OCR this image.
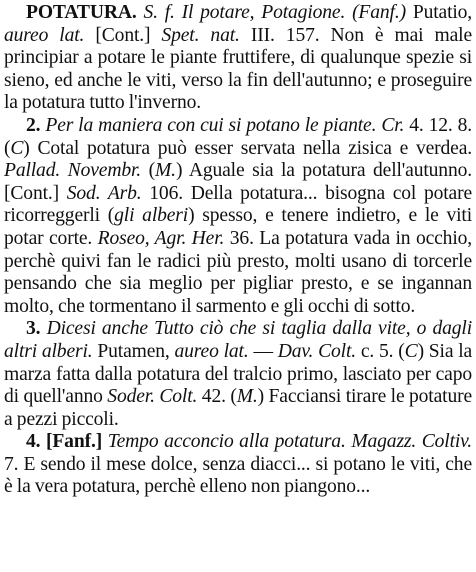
POTATURA. S. f. Il potare, Potagione. (Fanf.) Putatio, aureo lat. [Cont.] Spet. nat. III. 157. Non è mai male principiar a potare le piante fruttifere, di qualunque spezie si sieno, ed anche le viti, verso la fin dell'autunno; e proseguire la potatura tutto l'inverno.

2. Per la maniera con cui si potano le piante. Cr. 4. 12. 8. (C) Cotal potatura può esser servata nella zisica e verdea. Pallad. Novembr. (M.) Aguale sia la potatura dell'autunno. [Cont.] Sod. Arb. 106. Della potatura... bisogna col potare ricorreggerli (gli alberi) spesso, e tenere indietro, e le viti potar corte. Roseo, Agr. Her. 36. La potatura vada in occhio, perchè quivi fan le radici più presto, molti usano di torcerle pensando che sia meglio per pigliar presto, e se ingannan molto, che tormentano il sarmento e gli occhi di sotto.

3. Dicesi anche Tutto ciò che si taglia dalla vite, o dagli altri alberi. Putamen, aureo lat. — Dav. Colt. c. 5. (C) Sia la marza fatta dalla potatura del tralcio primo, lasciato per capo di quell'anno Soder. Colt. 42. (M.) Facciansi tirare le potature a pezzi piccoli.

4. [Fanf.] Tempo acconcio alla potatura. Magazz. Coltiv. 7. E sendo il mese dolce, senza diacci... si potano le viti, che è la vera potatura, perchè elleno non piangono...
